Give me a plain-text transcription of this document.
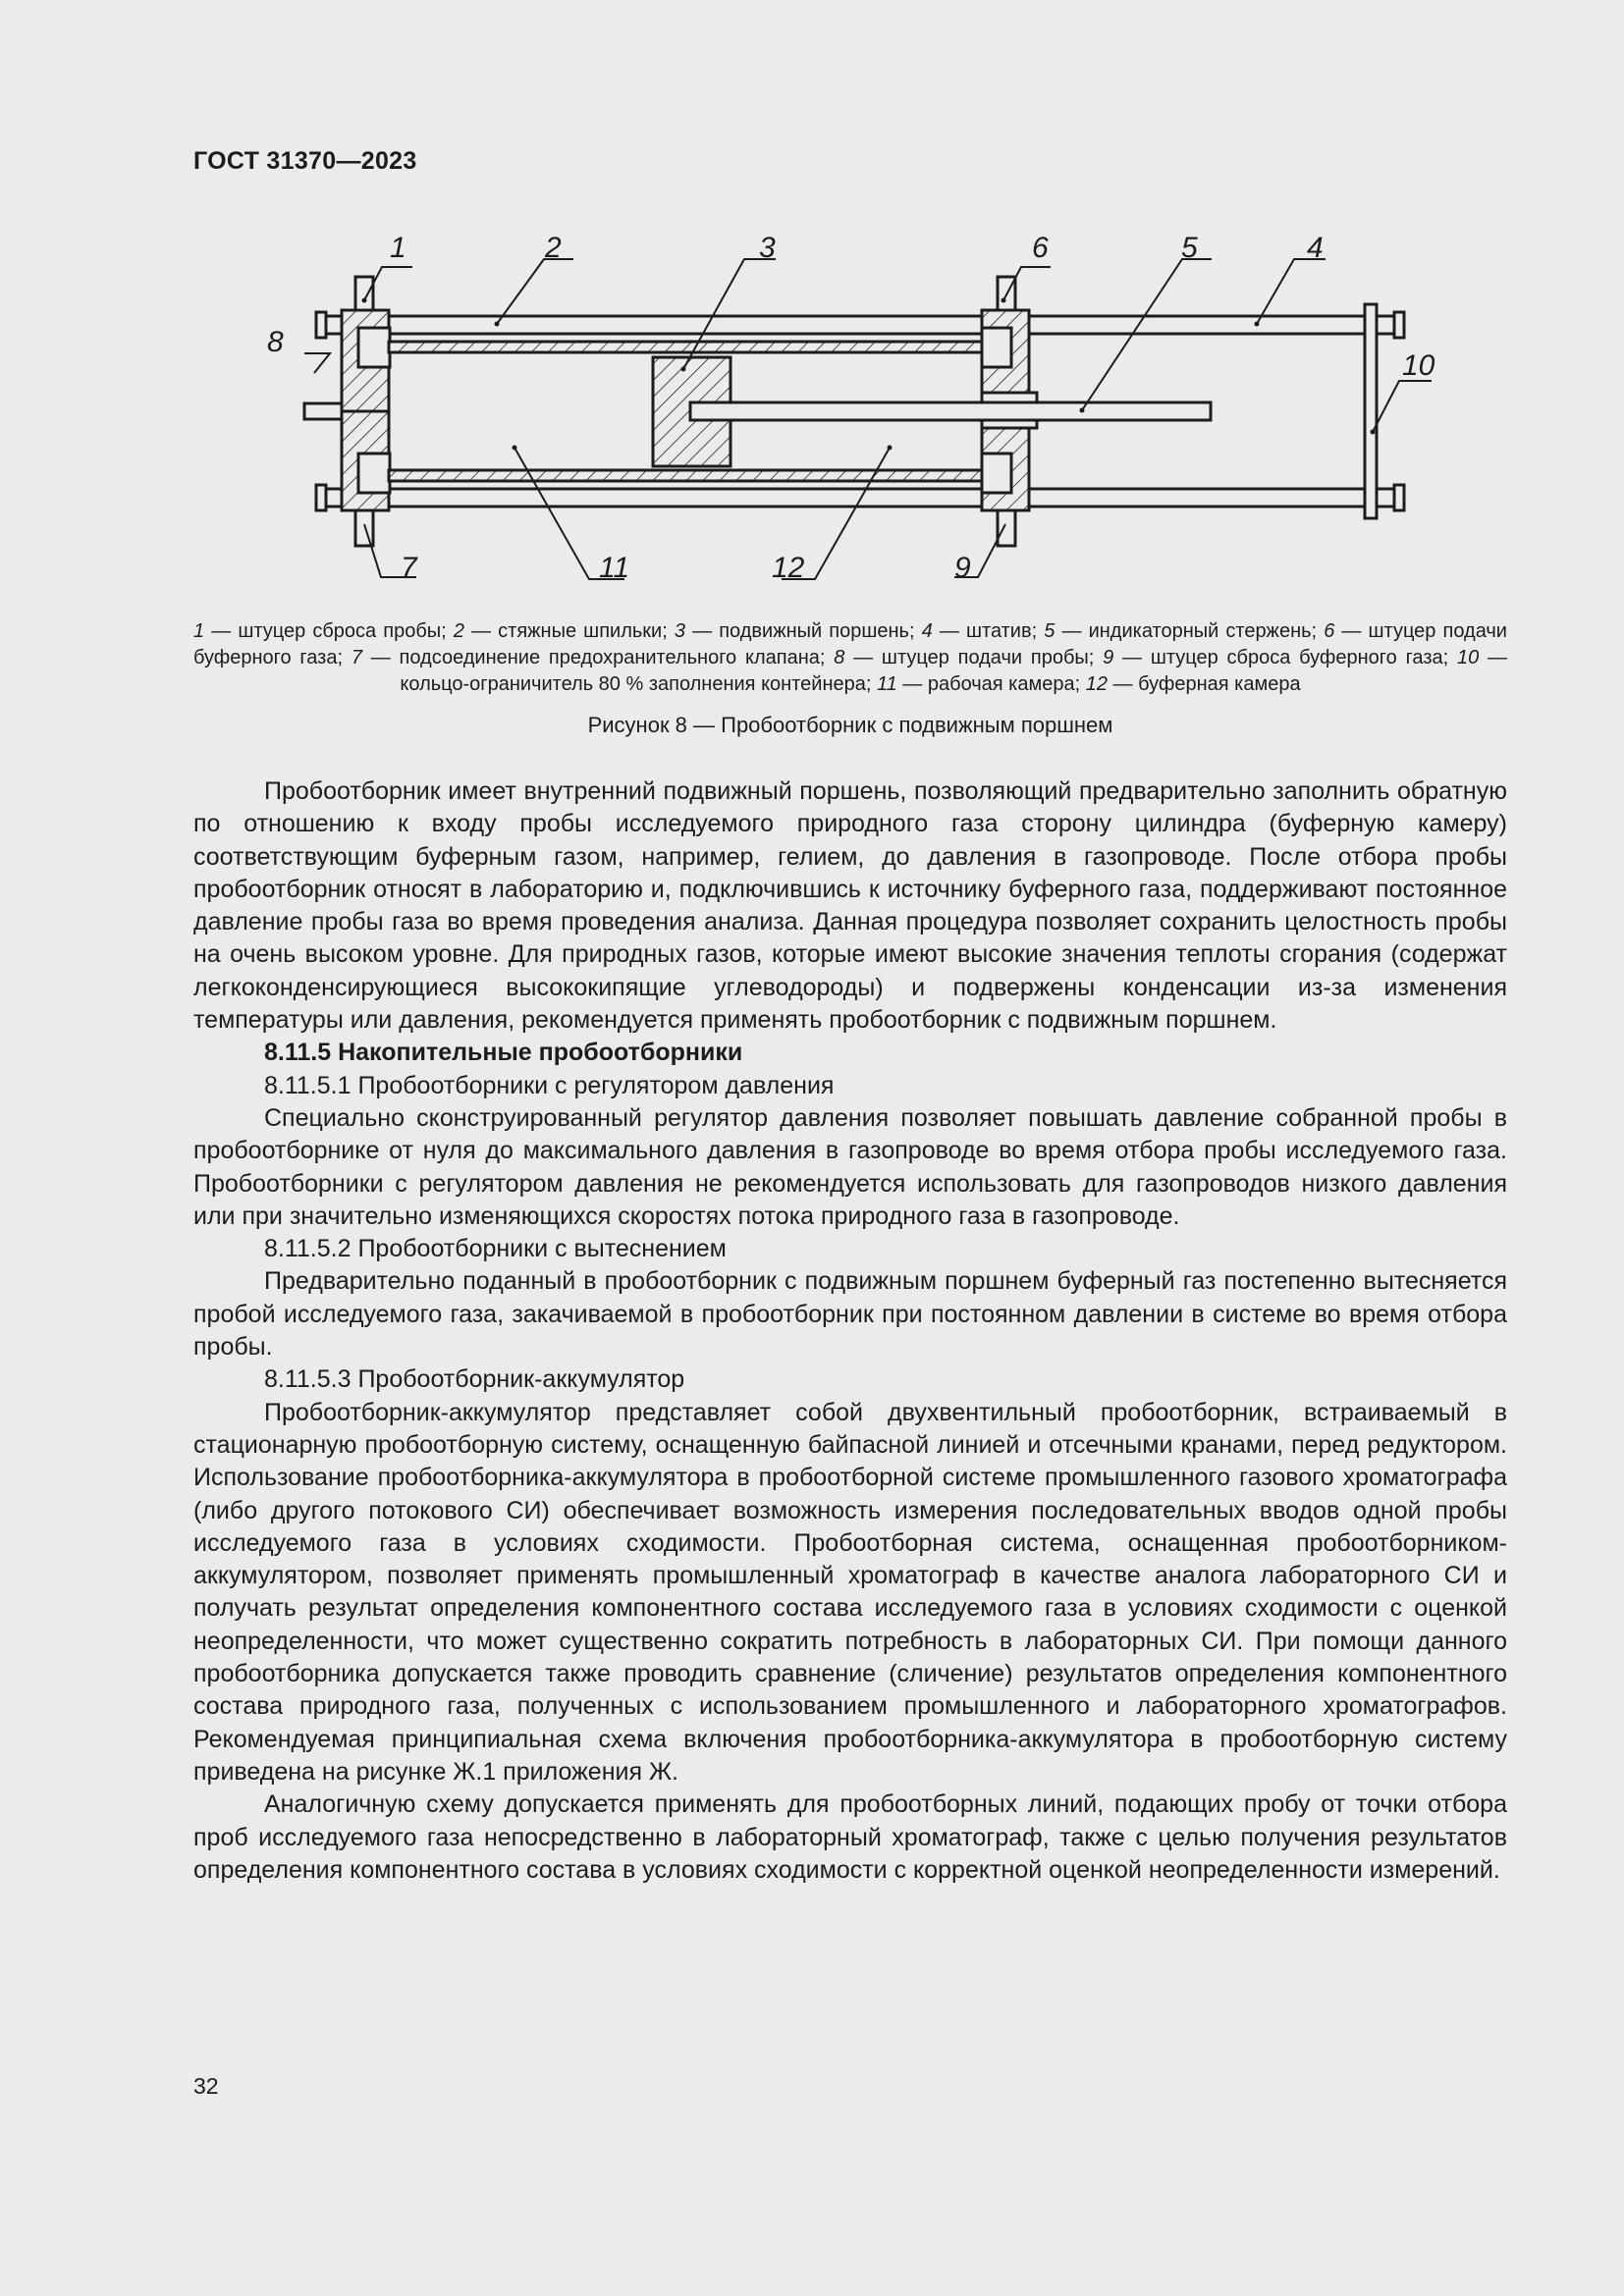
ГОСТ 31370—2023
1	2	3	4
5
6
7
8
9
10
11	12
1 — штуцер сброса пробы; 2 — стяжные шпильки; 3 — подвижный поршень; 4 — штатив; 5 — индикаторный стержень; 6 — штуцер подачи буферного газа; 7 — подсоединение предохранительного клапана; 8 — штуцер подачи пробы; 9 — штуцер сброса буферного газа; 10 — кольцо-ограничитель 80 % заполнения контейнера; 11 — рабочая камера; 12 — буферная камера
Рисунок 8 — Пробоотборник с подвижным поршнем

Пробоотборник имеет внутренний подвижный поршень, позволяющий предварительно заполнить обратную по отношению к входу пробы исследуемого природного газа сторону цилиндра (буферную камеру) соответствующим буферным газом, например, гелием, до давления в газопроводе. После отбора пробы пробоотборник относят в лабораторию и, подключившись к источнику буферного газа, поддерживают постоянное давление пробы газа во время проведения анализа. Данная процедура позволяет сохранить целостность пробы на очень высоком уровне. Для природных газов, которые имеют высокие значения теплоты сгорания (содержат легкоконденсирующиеся высококипящие углеводороды) и подвержены конденсации из-за изменения температуры или давления, рекомендуется применять пробоотборник с подвижным поршнем.

8.11.5 Накопительные пробоотборники

8.11.5.1 Пробоотборники с регулятором давления

Специально сконструированный регулятор давления позволяет повышать давление собранной пробы в пробоотборнике от нуля до максимального давления в газопроводе во время отбора пробы исследуемого газа. Пробоотборники с регулятором давления не рекомендуется использовать для газопроводов низкого давления или при значительно изменяющихся скоростях потока природного газа в газопроводе.

8.11.5.2 Пробоотборники с вытеснением

Предварительно поданный в пробоотборник с подвижным поршнем буферный газ постепенно вытесняется пробой исследуемого газа, закачиваемой в пробоотборник при постоянном давлении в системе во время отбора пробы.

8.11.5.3 Пробоотборник-аккумулятор

Пробоотборник-аккумулятор представляет собой двухвентильный пробоотборник, встраиваемый в стационарную пробоотборную систему, оснащенную байпасной линией и отсечными кранами, перед редуктором. Использование пробоотборника-аккумулятора в пробоотборной системе промышленного газового хроматографа (либо другого потокового СИ) обеспечивает возможность измерения последовательных вводов одной пробы исследуемого газа в условиях сходимости. Пробоотборная система, оснащенная пробоотборником-аккумулятором, позволяет применять промышленный хроматограф в качестве аналога лабораторного СИ и получать результат определения компонентного состава исследуемого газа в условиях сходимости с оценкой неопределенности, что может существенно сократить потребность в лабораторных СИ. При помощи данного пробоотборника допускается также проводить сравнение (сличение) результатов определения компонентного состава природного газа, полученных с использованием промышленного и лабораторного хроматографов. Рекомендуемая принципиальная схема включения пробоотборника-аккумулятора в пробоотборную систему приведена на рисунке Ж.1 приложения Ж.

Аналогичную схему допускается применять для пробоотборных линий, подающих пробу от точки отбора проб исследуемого газа непосредственно в лабораторный хроматограф, также с целью получения результатов определения компонентного состава в условиях сходимости с корректной оценкой неопределенности измерений.

32
